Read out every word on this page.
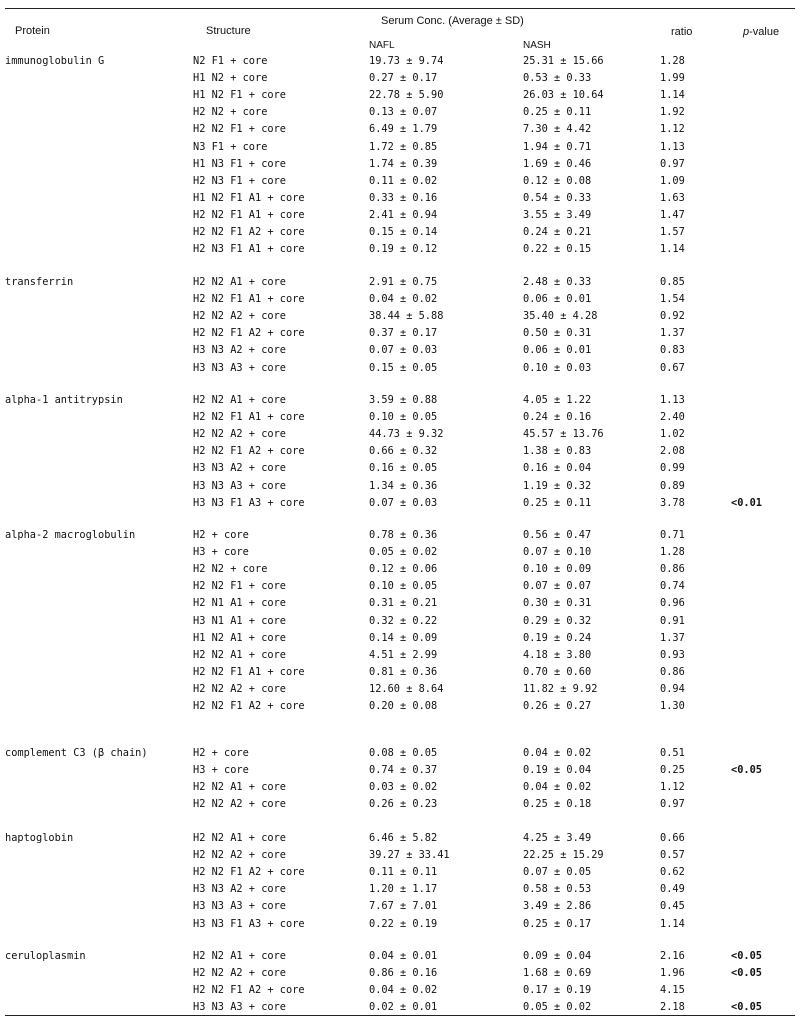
Protein	Structure
Serum Conc. (Average ± SD)
NAFL	NASH
ratio	p-value
immunoglobulin G	N2 F1 + core	19.73 ± 9.74	25.31 ± 15.66	1.28
H1 N2 + core	0.27 ± 0.17	0.53 ± 0.33	1.99
H1 N2 F1 + core	22.78 ± 5.90	26.03 ± 10.64	1.14
H2 N2 + core	0.13 ± 0.07	0.25 ± 0.11	1.92
H2 N2 F1 + core	6.49 ± 1.79	7.30 ± 4.42	1.12
N3 F1 + core	1.72 ± 0.85	1.94 ± 0.71	1.13
H1 N3 F1 + core	1.74 ± 0.39	1.69 ± 0.46	0.97
H2 N3 F1 + core	0.11 ± 0.02	0.12 ± 0.08	1.09
H1 N2 F1 A1 + core	0.33 ± 0.16	0.54 ± 0.33	1.63
H2 N2 F1 A1 + core	2.41 ± 0.94	3.55 ± 3.49	1.47
H2 N2 F1 A2 + core	0.15 ± 0.14	0.24 ± 0.21	1.57
H2 N3 F1 A1 + core	0.19 ± 0.12	0.22 ± 0.15	1.14
transferrin	H2 N2 A1 + core	2.91 ± 0.75	2.48 ± 0.33	0.85
H2 N2 F1 A1 + core	0.04 ± 0.02	0.06 ± 0.01	1.54
H2 N2 A2 + core	38.44 ± 5.88	35.40 ± 4.28	0.92
H2 N2 F1 A2 + core	0.37 ± 0.17	0.50 ± 0.31	1.37
H3 N3 A2 + core	0.07 ± 0.03	0.06 ± 0.01	0.83
H3 N3 A3 + core	0.15 ± 0.05	0.10 ± 0.03	0.67
alpha-1 antitrypsin	H2 N2 A1 + core	3.59 ± 0.88	4.05 ± 1.22	1.13
H2 N2 F1 A1 + core	0.10 ± 0.05	0.24 ± 0.16	2.40
H2 N2 A2 + core	44.73 ± 9.32	45.57 ± 13.76	1.02
H2 N2 F1 A2 + core	0.66 ± 0.32	1.38 ± 0.83	2.08
H3 N3 A2 + core	0.16 ± 0.05	0.16 ± 0.04	0.99
H3 N3 A3 + core	1.34 ± 0.36	1.19 ± 0.32	0.89
H3 N3 F1 A3 + core	0.07 ± 0.03	0.25 ± 0.11	3.78	<0.01
alpha-2 macroglobulin	H2 + core	0.78 ± 0.36	0.56 ± 0.47	0.71
H3 + core	0.05 ± 0.02	0.07 ± 0.10	1.28
H2 N2 + core	0.12 ± 0.06	0.10 ± 0.09	0.86
H2 N2 F1 + core	0.10 ± 0.05	0.07 ± 0.07	0.74
H2 N1 A1 + core	0.31 ± 0.21	0.30 ± 0.31	0.96
H3 N1 A1 + core	0.32 ± 0.22	0.29 ± 0.32	0.91
H1 N2 A1 + core	0.14 ± 0.09	0.19 ± 0.24	1.37
H2 N2 A1 + core	4.51 ± 2.99	4.18 ± 3.80	0.93
H2 N2 F1 A1 + core	0.81 ± 0.36	0.70 ± 0.60	0.86
H2 N2 A2 + core	12.60 ± 8.64	11.82 ± 9.92	0.94
H2 N2 F1 A2 + core	0.20 ± 0.08	0.26 ± 0.27	1.30
complement C3 (β chain)	H2 + core	0.08 ± 0.05	0.04 ± 0.02	0.51
H3 + core	0.74 ± 0.37	0.19 ± 0.04	0.25	<0.05
H2 N2 A1 + core	0.03 ± 0.02	0.04 ± 0.02	1.12
H2 N2 A2 + core	0.26 ± 0.23	0.25 ± 0.18	0.97
haptoglobin	H2 N2 A1 + core	6.46 ± 5.82	4.25 ± 3.49	0.66
H2 N2 A2 + core	39.27 ± 33.41	22.25 ± 15.29	0.57
H2 N2 F1 A2 + core	0.11 ± 0.11	0.07 ± 0.05	0.62
H3 N3 A2 + core	1.20 ± 1.17	0.58 ± 0.53	0.49
H3 N3 A3 + core	7.67 ± 7.01	3.49 ± 2.86	0.45
H3 N3 F1 A3 + core	0.22 ± 0.19	0.25 ± 0.17	1.14
ceruloplasmin	H2 N2 A1 + core	0.04 ± 0.01	0.09 ± 0.04	2.16	<0.05
H2 N2 A2 + core	0.86 ± 0.16	1.68 ± 0.69	1.96	<0.05
H2 N2 F1 A2 + core	0.04 ± 0.02	0.17 ± 0.19	4.15
H3 N3 A3 + core	0.02 ± 0.01	0.05 ± 0.02	2.18	<0.05
